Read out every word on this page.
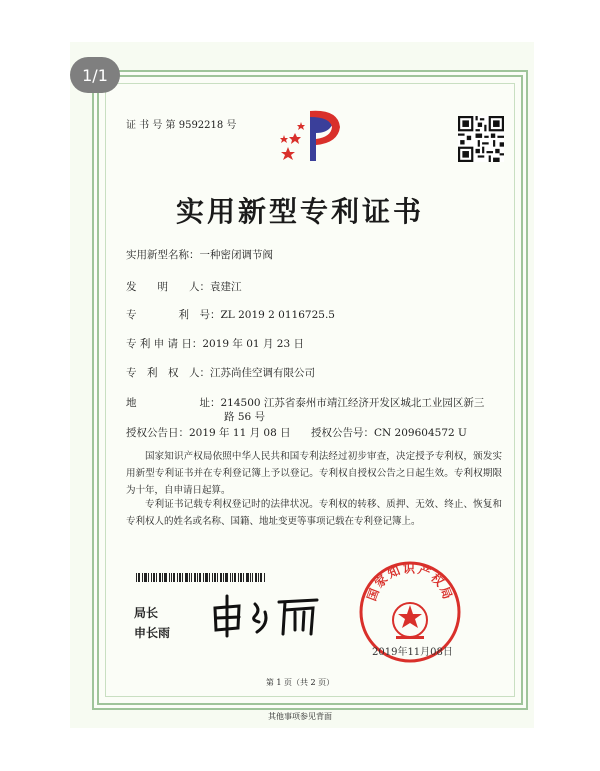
1/1
证 书 号 第 9592218 号
实用新型专利证书
实用新型名称：一种密闭调节阀
发　　明　　人：袁建江
专　　　　利　号：ZL 2019 2 0116725.5
专 利 申 请 日：2019 年 01 月 23 日
专　利　权　人：江苏尚佳空调有限公司
地　　　　　　址：214500 江苏省泰州市靖江经济开发区城北工业园区新三
路 56 号
授权公告日：2019 年 11 月 08 日 授权公告号：CN 209604572 U
国家知识产权局依照中华人民共和国专利法经过初步审查，决定授予专利权，颁发实用新型专利证书并在专利登记簿上予以登记。专利权自授权公告之日起生效。专利权期限为十年，自申请日起算。
专利证书记载专利权登记时的法律状况。专利权的转移、质押、无效、终止、恢复和专利权人的姓名或名称、国籍、地址变更等事项记载在专利登记簿上。
局长
申长雨
国家知识产权局
2019年11月08日
第 1 页（共 2 页）
其他事项参见背面
